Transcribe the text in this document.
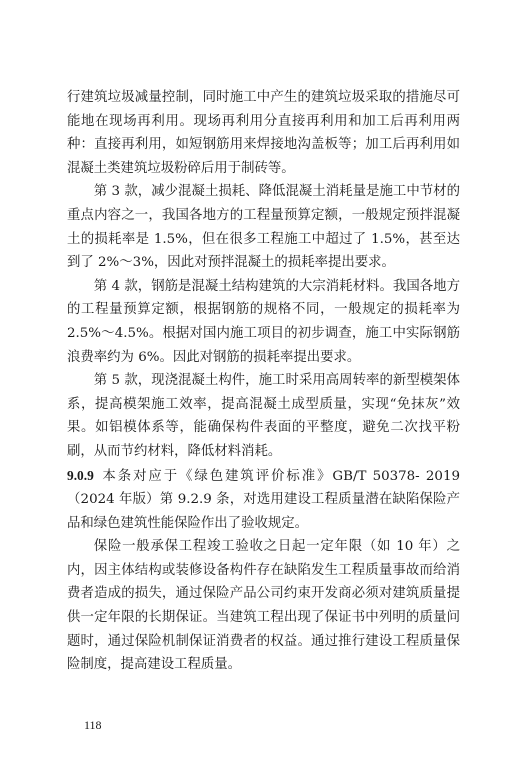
行建筑垃圾减量控制，同时施工中产生的建筑垃圾采取的措施尽可能地在现场再利用。现场再利用分直接再利用和加工后再利用两种：直接再利用，如短钢筋用来焊接地沟盖板等；加工后再利用如混凝土类建筑垃圾粉碎后用于制砖等。

第 3 款，减少混凝土损耗、降低混凝土消耗量是施工中节材的重点内容之一，我国各地方的工程量预算定额，一般规定预拌混凝土的损耗率是 1.5%，但在很多工程施工中超过了 1.5%，甚至达到了 2%～3%，因此对预拌混凝土的损耗率提出要求。

第 4 款，钢筋是混凝土结构建筑的大宗消耗材料。我国各地方的工程量预算定额，根据钢筋的规格不同，一般规定的损耗率为 2.5%～4.5%。根据对国内施工项目的初步调查，施工中实际钢筋浪费率约为 6%。因此对钢筋的损耗率提出要求。

第 5 款，现浇混凝土构件，施工时采用高周转率的新型模架体系，提高模架施工效率，提高混凝土成型质量，实现“免抹灰”效果。如铝模体系等，能确保构件表面的平整度，避免二次找平粉刷，从而节约材料，降低材料消耗。

9.0.9 本条对应于《绿色建筑评价标准》GB/T 50378- 2019（2024 年版）第 9.2.9 条，对选用建设工程质量潜在缺陷保险产品和绿色建筑性能保险作出了验收规定。

保险一般承保工程竣工验收之日起一定年限（如 10 年）之内，因主体结构或装修设备构件存在缺陷发生工程质量事故而给消费者造成的损失，通过保险产品公司约束开发商必须对建筑质量提供一定年限的长期保证。当建筑工程出现了保证书中列明的质量问题时，通过保险机制保证消费者的权益。通过推行建设工程质量保险制度，提高建设工程质量。

118
